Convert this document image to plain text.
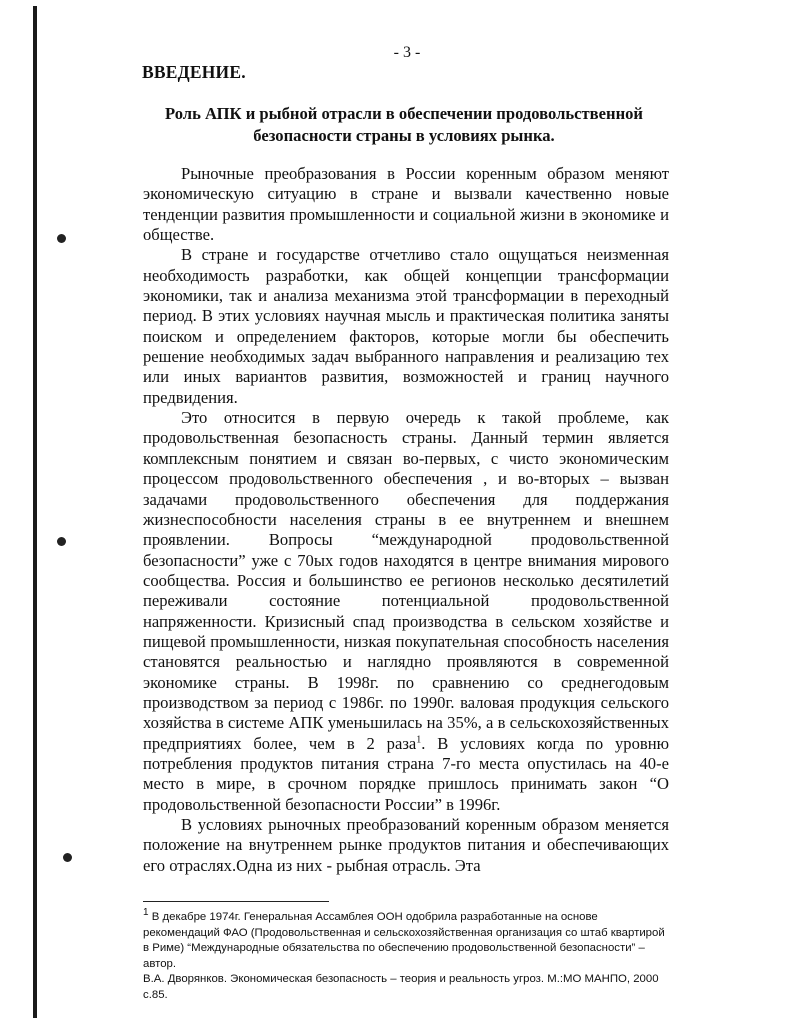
- 3 -
ВВЕДЕНИЕ.
Роль АПК и рыбной отрасли в обеспечении продовольственной безопасности страны в условиях рынка.

Рыночные преобразования в России коренным образом меняют экономическую ситуацию в стране и вызвали качественно новые тенденции развития промышленности и социальной жизни в экономике и обществе.

В стране и государстве отчетливо стало ощущаться неизменная необходимость разработки, как общей концепции трансформации экономики, так и анализа механизма этой трансформации в переходный период. В этих условиях научная мысль и практическая политика заняты поиском и определением факторов, которые могли бы обеспечить решение необходимых задач выбранного направления и реализацию тех или иных вариантов развития, возможностей и границ научного предвидения.

Это относится в первую очередь к такой проблеме, как продовольственная безопасность страны. Данный термин является комплексным понятием и связан во-первых, с чисто экономическим процессом продовольственного обеспечения , и во-вторых – вызван задачами продовольственного обеспечения для поддержания жизнеспособности населения страны в ее внутреннем и внешнем проявлении. Вопросы “международной продовольственной безопасности” уже с 70ых годов находятся в центре внимания мирового сообщества. Россия и большинство ее регионов несколько десятилетий переживали состояние потенциальной продовольственной напряженности. Кризисный спад производства в сельском хозяйстве и пищевой промышленности, низкая покупательная способность населения становятся реальностью и наглядно проявляются в современной экономике страны. В 1998г. по сравнению со среднегодовым производством за период с 1986г. по 1990г. валовая продукция сельского хозяйства в системе АПК уменьшилась на 35%, а в сельскохозяйственных предприятиях более, чем в 2 раза$^1$. В условиях когда по уровню потребления продуктов питания страна 7-го места опустилась на 40-е место в мире, в срочном порядке пришлось принимать закон “О продовольственной безопасности России” в 1996г.

В условиях рыночных преобразований коренным образом меняется положение на внутреннем рынке продуктов питания и обеспечивающих его отраслях.Одна из них - рыбная отрасль. Эта

$^1$ В декабре 1974г. Генеральная Ассамблея ООН одобрила разработанные на основе рекомендаций ФАО (Продовольственная и сельскохозяйственная организация со штаб квартирой в Риме) “Международные обязательства по обеспечению продовольственной безопасности” – автор.

В.А. Дворянков. Экономическая безопасность – теория и реальность угроз. М.:МО МАНПО, 2000 с.85.
